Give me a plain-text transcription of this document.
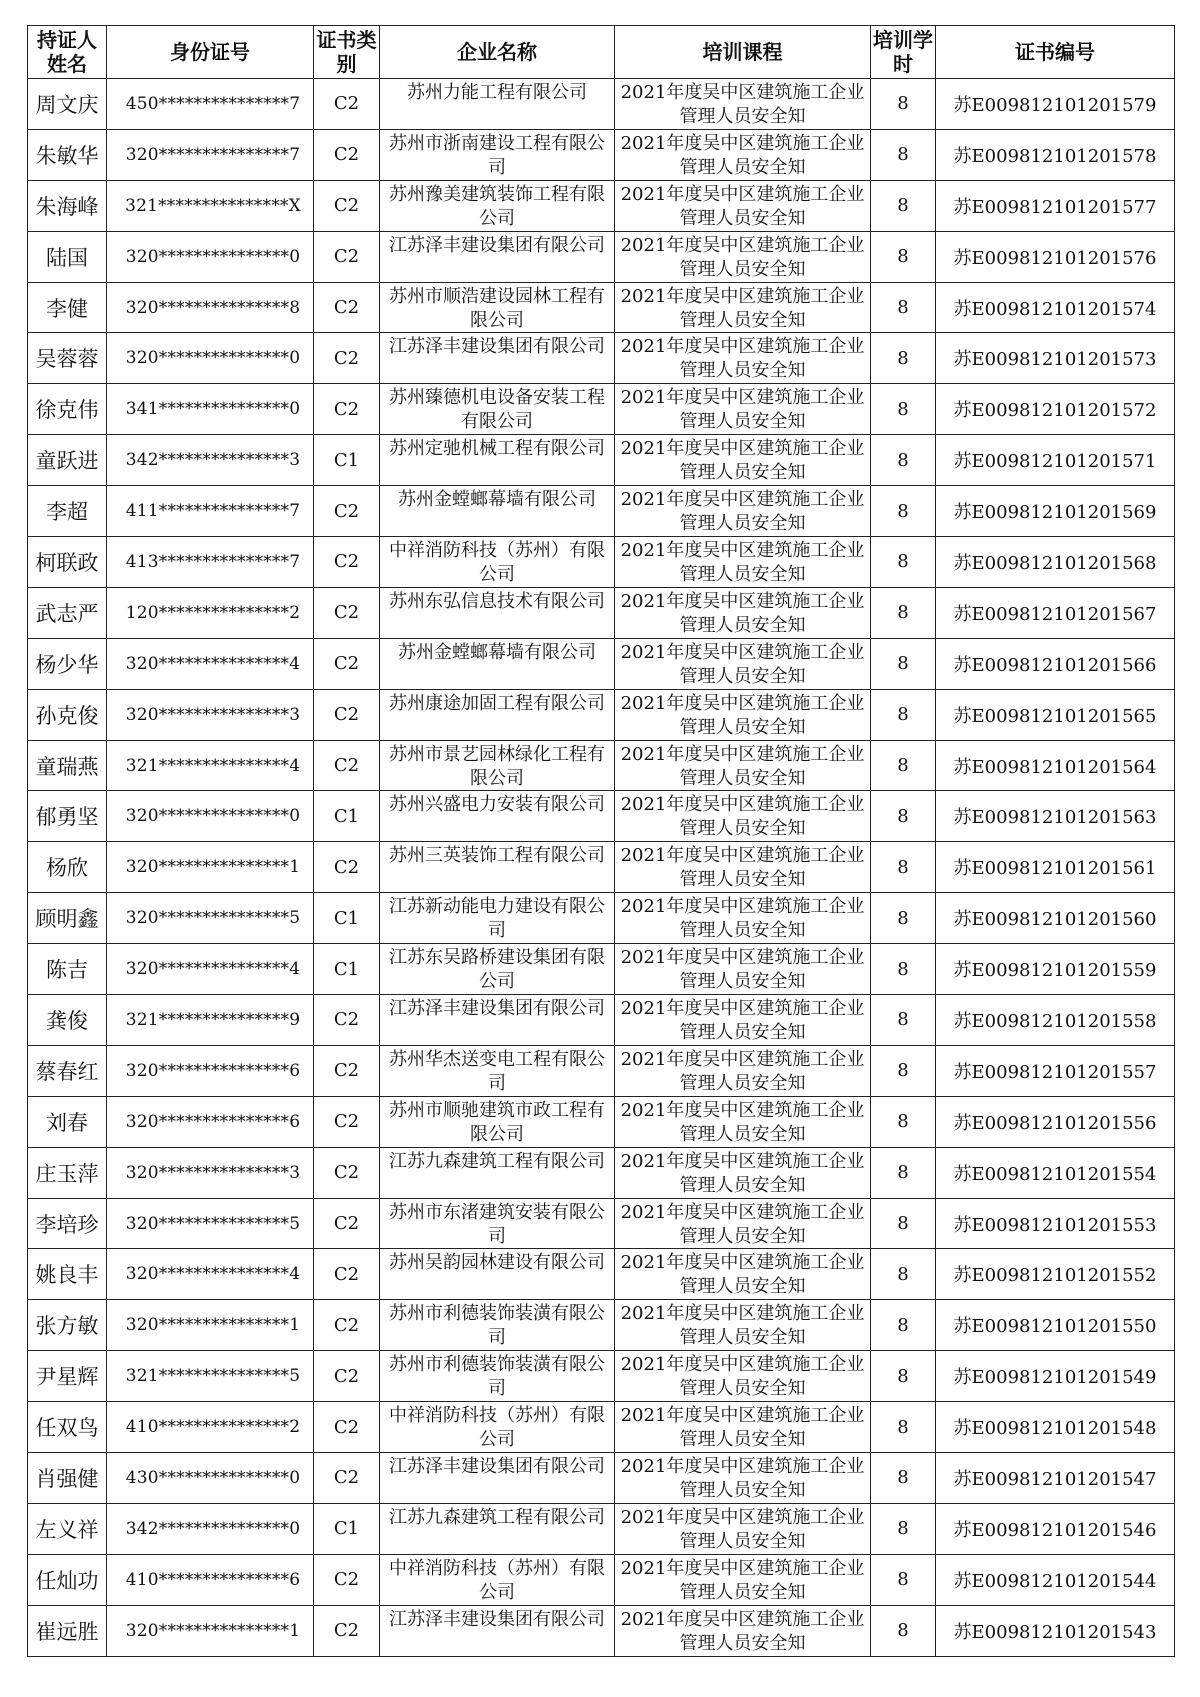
持证人姓名	身份证号	证书类别	企业名称	培训课程	培训学时	证书编号
周文庆	450***************7	C2	苏州力能工程有限公司	2021年度吴中区建筑施工企业管理人员安全知	8	苏E009812101201579
朱敏华	320***************7	C2	苏州市浙南建设工程有限公司	2021年度吴中区建筑施工企业管理人员安全知	8	苏E009812101201578
朱海峰	321***************X	C2	苏州豫美建筑装饰工程有限公司	2021年度吴中区建筑施工企业管理人员安全知	8	苏E009812101201577
陆国	320***************0	C2	江苏泽丰建设集团有限公司	2021年度吴中区建筑施工企业管理人员安全知	8	苏E009812101201576
李健	320***************8	C2	苏州市顺浩建设园林工程有限公司	2021年度吴中区建筑施工企业管理人员安全知	8	苏E009812101201574
吴蓉蓉	320***************0	C2	江苏泽丰建设集团有限公司	2021年度吴中区建筑施工企业管理人员安全知	8	苏E009812101201573
徐克伟	341***************0	C2	苏州臻德机电设备安装工程有限公司	2021年度吴中区建筑施工企业管理人员安全知	8	苏E009812101201572
童跃进	342***************3	C1	苏州定驰机械工程有限公司	2021年度吴中区建筑施工企业管理人员安全知	8	苏E009812101201571
李超	411***************7	C2	苏州金螳螂幕墙有限公司	2021年度吴中区建筑施工企业管理人员安全知	8	苏E009812101201569
柯联政	413***************7	C2	中祥消防科技（苏州）有限公司	2021年度吴中区建筑施工企业管理人员安全知	8	苏E009812101201568
武志严	120***************2	C2	苏州东弘信息技术有限公司	2021年度吴中区建筑施工企业管理人员安全知	8	苏E009812101201567
杨少华	320***************4	C2	苏州金螳螂幕墙有限公司	2021年度吴中区建筑施工企业管理人员安全知	8	苏E009812101201566
孙克俊	320***************3	C2	苏州康途加固工程有限公司	2021年度吴中区建筑施工企业管理人员安全知	8	苏E009812101201565
童瑞燕	321***************4	C2	苏州市景艺园林绿化工程有限公司	2021年度吴中区建筑施工企业管理人员安全知	8	苏E009812101201564
郁勇坚	320***************0	C1	苏州兴盛电力安装有限公司	2021年度吴中区建筑施工企业管理人员安全知	8	苏E009812101201563
杨欣	320***************1	C2	苏州三英装饰工程有限公司	2021年度吴中区建筑施工企业管理人员安全知	8	苏E009812101201561
顾明鑫	320***************5	C1	江苏新动能电力建设有限公司	2021年度吴中区建筑施工企业管理人员安全知	8	苏E009812101201560
陈吉	320***************4	C1	江苏东吴路桥建设集团有限公司	2021年度吴中区建筑施工企业管理人员安全知	8	苏E009812101201559
龚俊	321***************9	C2	江苏泽丰建设集团有限公司	2021年度吴中区建筑施工企业管理人员安全知	8	苏E009812101201558
蔡春红	320***************6	C2	苏州华杰送变电工程有限公司	2021年度吴中区建筑施工企业管理人员安全知	8	苏E009812101201557
刘春	320***************6	C2	苏州市顺驰建筑市政工程有限公司	2021年度吴中区建筑施工企业管理人员安全知	8	苏E009812101201556
庄玉萍	320***************3	C2	江苏九森建筑工程有限公司	2021年度吴中区建筑施工企业管理人员安全知	8	苏E009812101201554
李培珍	320***************5	C2	苏州市东渚建筑安装有限公司	2021年度吴中区建筑施工企业管理人员安全知	8	苏E009812101201553
姚良丰	320***************4	C2	苏州吴韵园林建设有限公司	2021年度吴中区建筑施工企业管理人员安全知	8	苏E009812101201552
张方敏	320***************1	C2	苏州市利德装饰装潢有限公司	2021年度吴中区建筑施工企业管理人员安全知	8	苏E009812101201550
尹星辉	321***************5	C2	苏州市利德装饰装潢有限公司	2021年度吴中区建筑施工企业管理人员安全知	8	苏E009812101201549
任双鸟	410***************2	C2	中祥消防科技（苏州）有限公司	2021年度吴中区建筑施工企业管理人员安全知	8	苏E009812101201548
肖强健	430***************0	C2	江苏泽丰建设集团有限公司	2021年度吴中区建筑施工企业管理人员安全知	8	苏E009812101201547
左义祥	342***************0	C1	江苏九森建筑工程有限公司	2021年度吴中区建筑施工企业管理人员安全知	8	苏E009812101201546
任灿功	410***************6	C2	中祥消防科技（苏州）有限公司	2021年度吴中区建筑施工企业管理人员安全知	8	苏E009812101201544
崔远胜	320***************1	C2	江苏泽丰建设集团有限公司	2021年度吴中区建筑施工企业管理人员安全知	8	苏E009812101201543
